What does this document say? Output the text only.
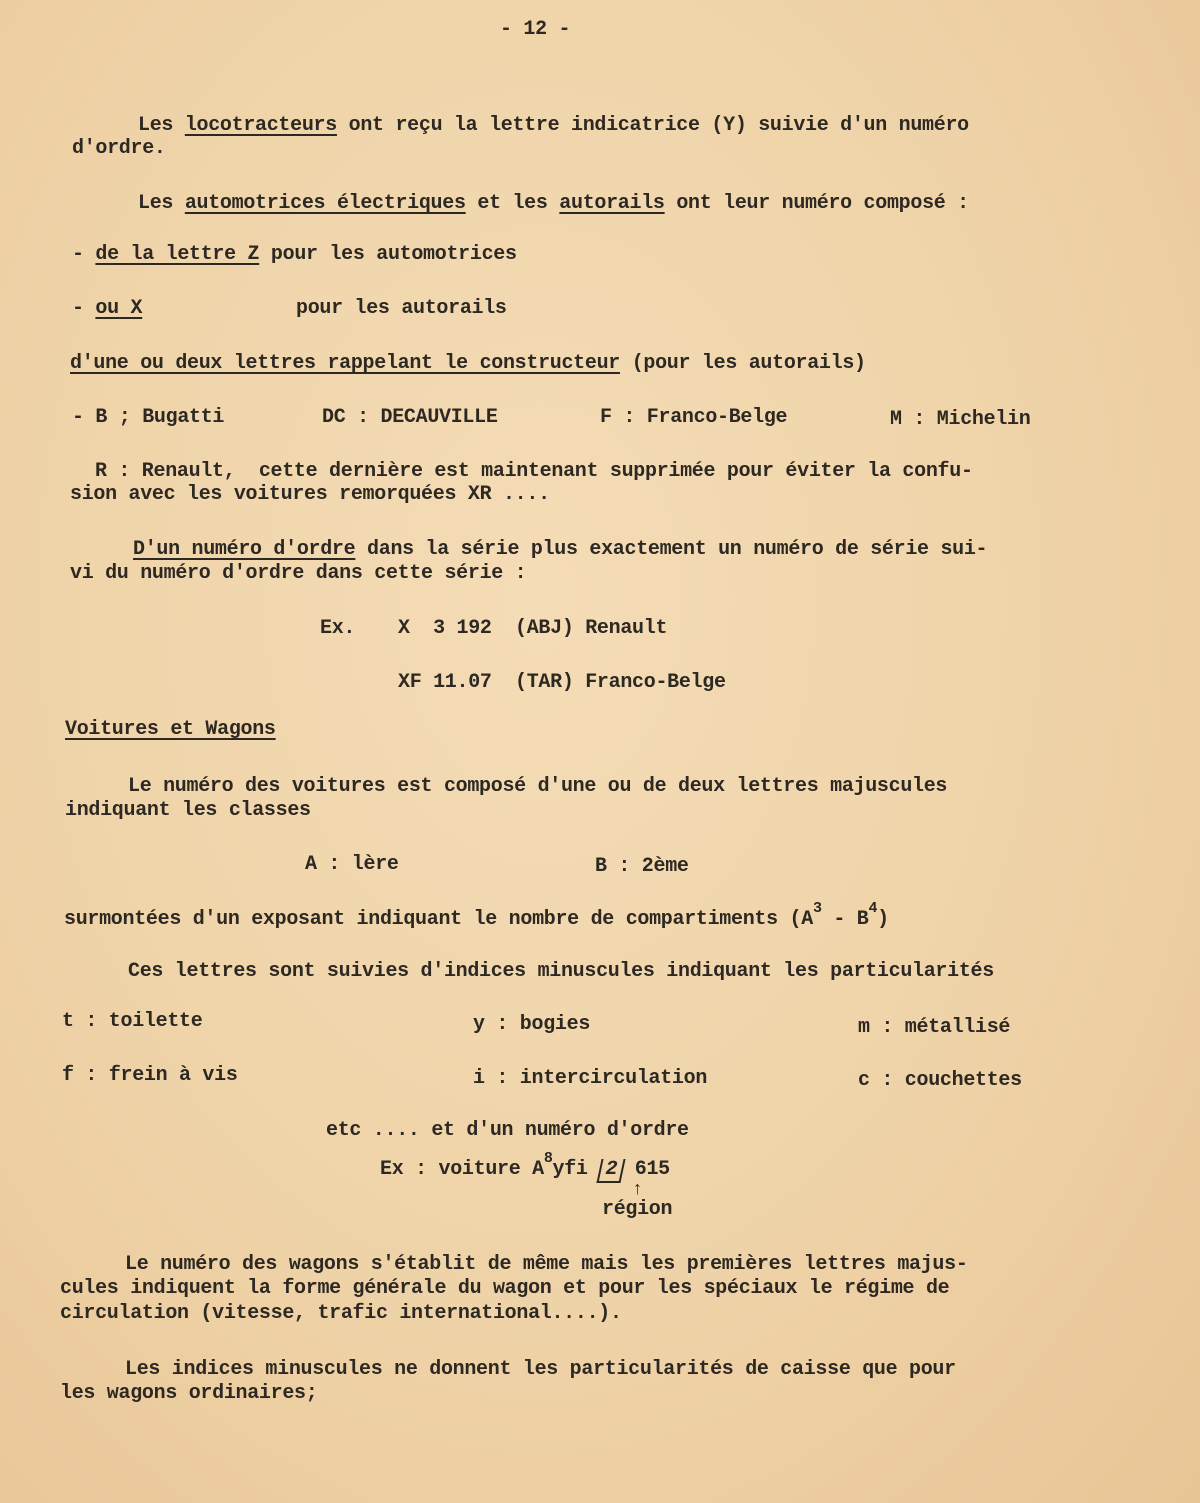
- 12 -
Les locotracteurs ont reçu la lettre indicatrice (Y) suivie d'un numéro
d'ordre.
Les automotrices électriques et les autorails ont leur numéro composé :
- de la lettre Z pour les automotrices
- ou X	pour les autorails
d'une ou deux lettres rappelant le constructeur (pour les autorails)
- B ; Bugatti	DC : DECAUVILLE	F : Franco-Belge	M : Michelin
R : Renault,  cette dernière est maintenant supprimée pour éviter la confu-
sion avec les voitures remorquées XR ....
D'un numéro d'ordre dans la série plus exactement un numéro de série sui-
vi du numéro d'ordre dans cette série :
Ex. X  3 192  (ABJ) Renault
XF 11.07  (TAR) Franco-Belge
Voitures et Wagons
Le numéro des voitures est composé d'une ou de deux lettres majuscules
indiquant les classes
A : lère	B : 2ème
surmontées d'un exposant indiquant le nombre de compartiments $(A^3 - B^4)$
Ces lettres sont suivies d'indices minuscules indiquant les particularités
t : toilette	y : bogies	m : métallisé
f : frein à vis	i : intercirculation	c : couchettes
etc .... et d'un numéro d'ordre
Ex : voiture $A^8yfi$ 2 615
↑
région
Le numéro des wagons s'établit de même mais les premières lettres majus-
cules indiquent la forme générale du wagon et pour les spéciaux le régime de
circulation (vitesse, trafic international....).
Les indices minuscules ne donnent les particularités de caisse que pour
les wagons ordinaires;
